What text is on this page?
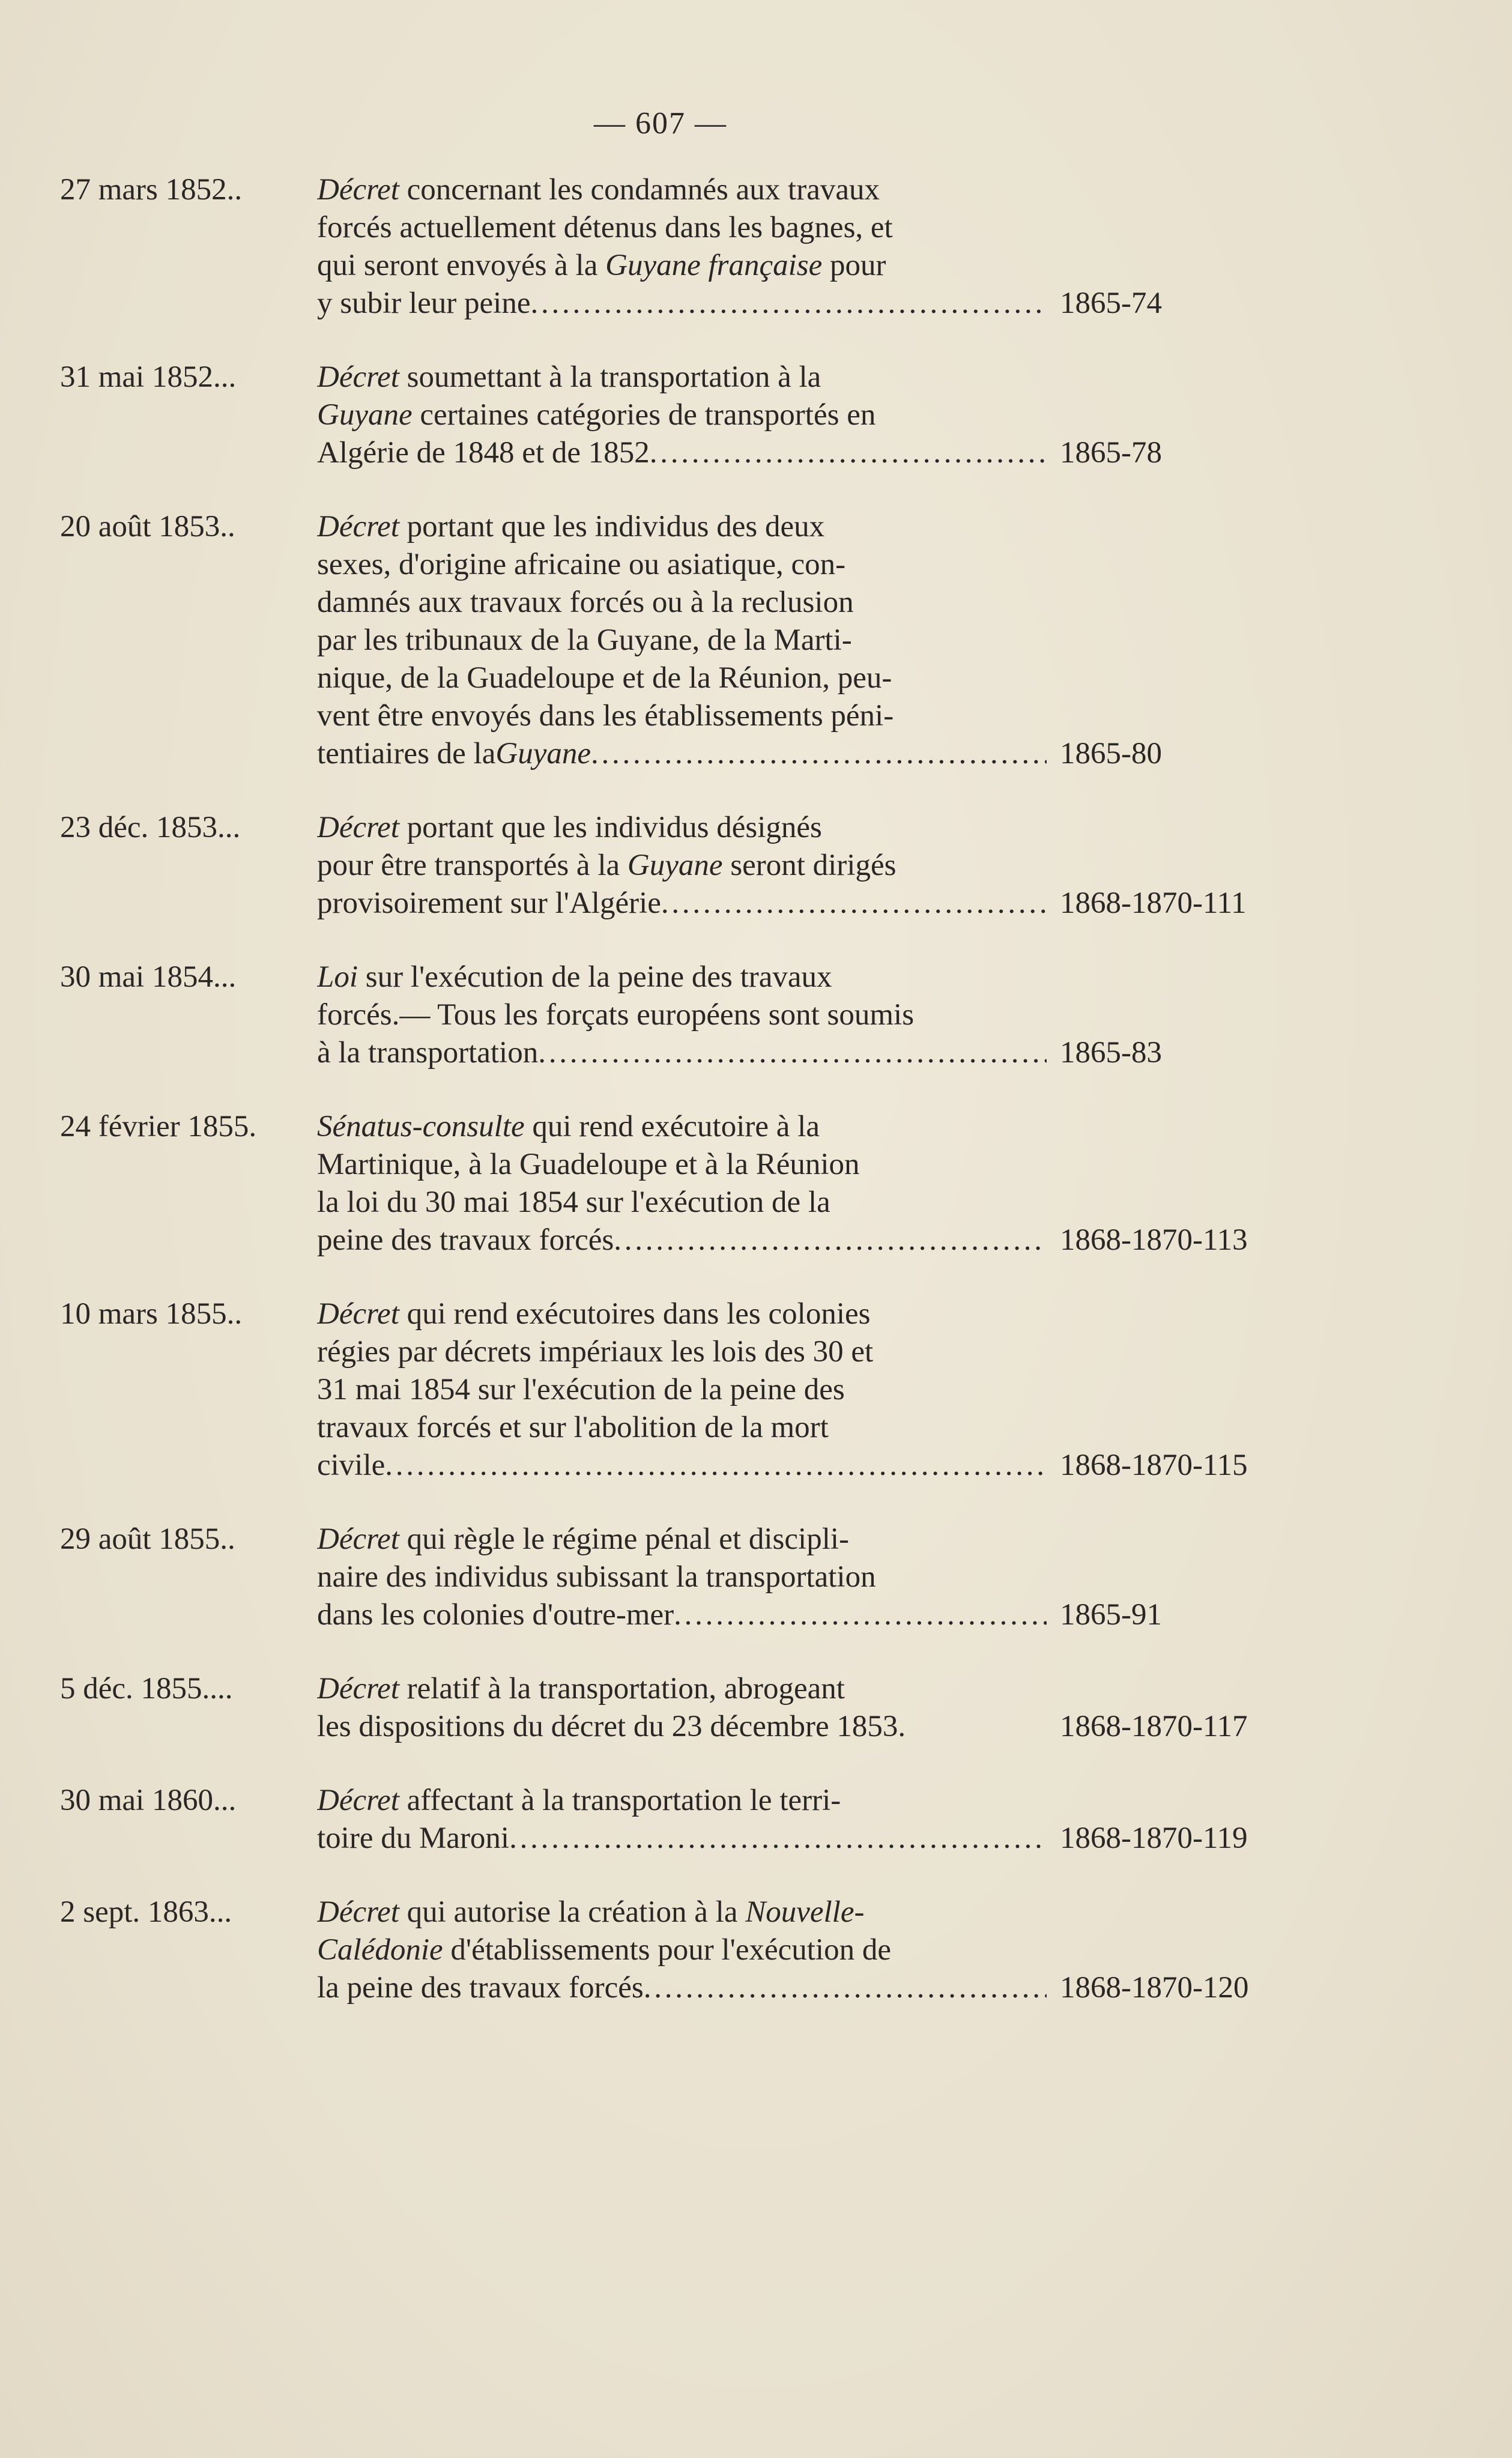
— 607 —
27 mars 1852..	Décret concernant les condamnés aux travaux
forcés actuellement détenus dans les bagnes, et
qui seront envoyés à la Guyane française pour
y subir leur peine . . .	1865-74
31 mai 1852...	Décret soumettant à la transportation à la
Guyane certaines catégories de transportés en
Algérie de 1848 et de 1852 . . .	1865-78
20 août 1853..	Décret portant que les individus des deux
sexes, d'origine africaine ou asiatique, con-
damnés aux travaux forcés ou à la reclusion
par les tribunaux de la Guyane, de la Marti-
nique, de la Guadeloupe et de la Réunion, peu-
vent être envoyés dans les établissements péni-
tentiaires de la Guyane . . .	1865-80
23 déc. 1853...	Décret portant que les individus désignés
pour être transportés à la Guyane seront dirigés
provisoirement sur l'Algérie . . .	1868-1870-111
30 mai 1854...	Loi sur l'exécution de la peine des travaux
forcés.— Tous les forçats européens sont soumis
à la transportation . . .	1865-83
24 février 1855.	Sénatus-consulte qui rend exécutoire à la
Martinique, à la Guadeloupe et à la Réunion
la loi du 30 mai 1854 sur l'exécution de la
peine des travaux forcés . . .	1868-1870-113
10 mars 1855..	Décret qui rend exécutoires dans les colonies
régies par décrets impériaux les lois des 30 et
31 mai 1854 sur l'exécution de la peine des
travaux forcés et sur l'abolition de la mort
civile . . .	1868-1870-115
29 août 1855..	Décret qui règle le régime pénal et discipli-
naire des individus subissant la transportation
dans les colonies d'outre-mer . . .	1865-91
5 déc. 1855....	Décret relatif à la transportation, abrogeant
les dispositions du décret du 23 décembre 1853.	1868-1870-117
30 mai 1860...	Décret affectant à la transportation le terri-
toire du Maroni . . .	1868-1870-119
2 sept. 1863...	Décret qui autorise la création à la Nouvelle-
Calédonie d'établissements pour l'exécution de
la peine des travaux forcés . . .	1868-1870-120
